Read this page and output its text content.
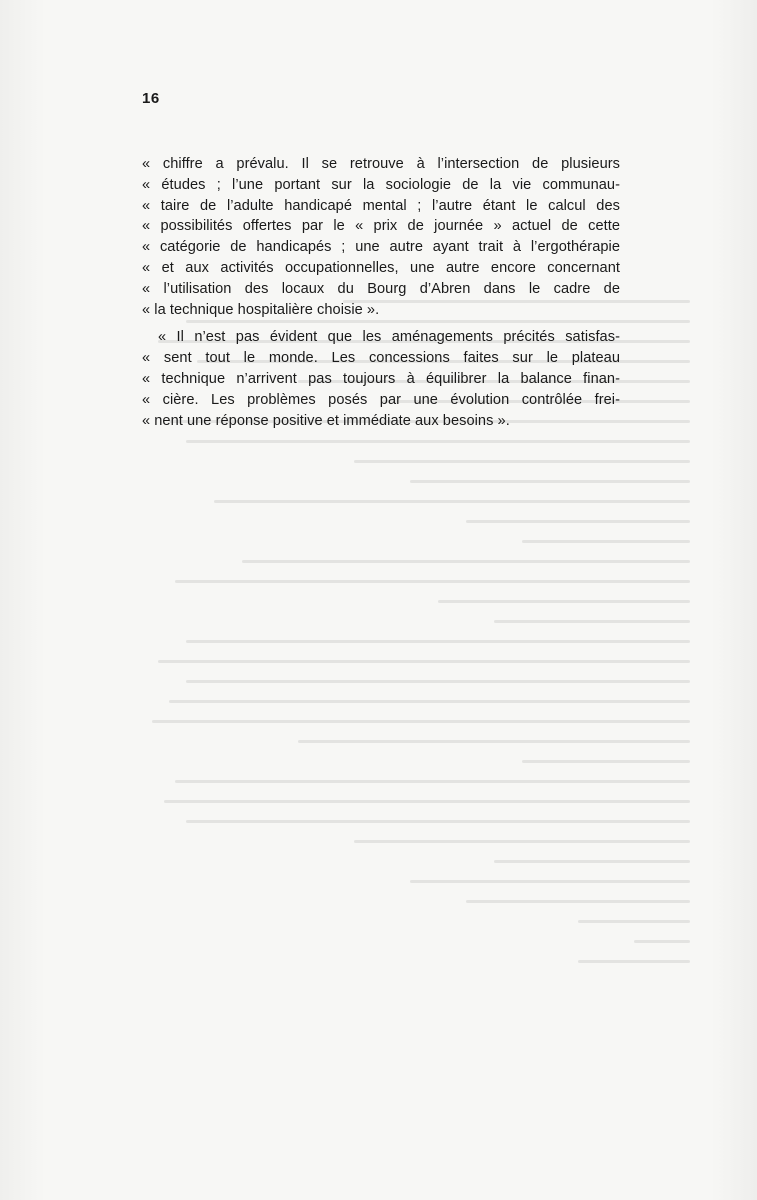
16
« chiffre a prévalu. Il se retrouve à l’intersection de plusieurs
« études ; l’une portant sur la sociologie de la vie communau-
« taire de l’adulte handicapé mental ; l’autre étant le calcul des
« possibilités offertes par le « prix de journée » actuel de cette
« catégorie de handicapés ; une autre ayant trait à l’ergothérapie
« et aux activités occupationnelles, une autre encore concernant
« l’utilisation des locaux du Bourg d’Abren dans le cadre de
« la technique hospitalière choisie ».
« Il n’est pas évident que les aménagements précités satisfas-
« sent tout le monde. Les concessions faites sur le plateau
« technique n’arrivent pas toujours à équilibrer la balance finan-
« cière. Les problèmes posés par une évolution contrôlée frei-
« nent une réponse positive et immédiate aux besoins ».
